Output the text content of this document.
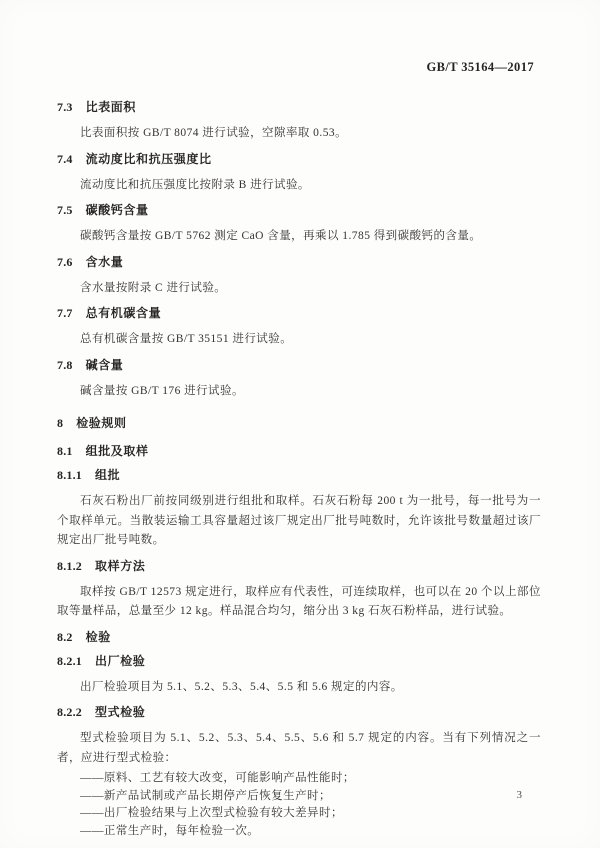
GB/T 35164—2017
7.3 比表面积

比表面积按 GB/T 8074 进行试验，空隙率取 0.53。

7.4 流动度比和抗压强度比

流动度比和抗压强度比按附录 B 进行试验。

7.5 碳酸钙含量

碳酸钙含量按 GB/T 5762 测定 CaO 含量，再乘以 1.785 得到碳酸钙的含量。

7.6 含水量

含水量按附录 C 进行试验。

7.7 总有机碳含量

总有机碳含量按 GB/T 35151 进行试验。

7.8 碱含量

碱含量按 GB/T 176 进行试验。

8 检验规则
8.1 组批及取样
8.1.1 组批

石灰石粉出厂前按同级别进行组批和取样。石灰石粉每 200 t 为一批号，每一批号为一个取样单元。当散装运输工具容量超过该厂规定出厂批号吨数时，允许该批号数量超过该厂规定出厂批号吨数。

8.1.2 取样方法

取样按 GB/T 12573 规定进行，取样应有代表性，可连续取样，也可以在 20 个以上部位取等量样品，总量至少 12 kg。样品混合均匀，缩分出 3 kg 石灰石粉样品，进行试验。

8.2 检验
8.2.1 出厂检验

出厂检验项目为 5.1、5.2、5.3、5.4、5.5 和 5.6 规定的内容。

8.2.2 型式检验

型式检验项目为 5.1、5.2、5.3、5.4、5.5、5.6 和 5.7 规定的内容。当有下列情况之一者，应进行型式检验：

——原料、工艺有较大改变，可能影响产品性能时；

——新产品试制或产品长期停产后恢复生产时；

——出厂检验结果与上次型式检验有较大差异时；

——正常生产时，每年检验一次。

3
